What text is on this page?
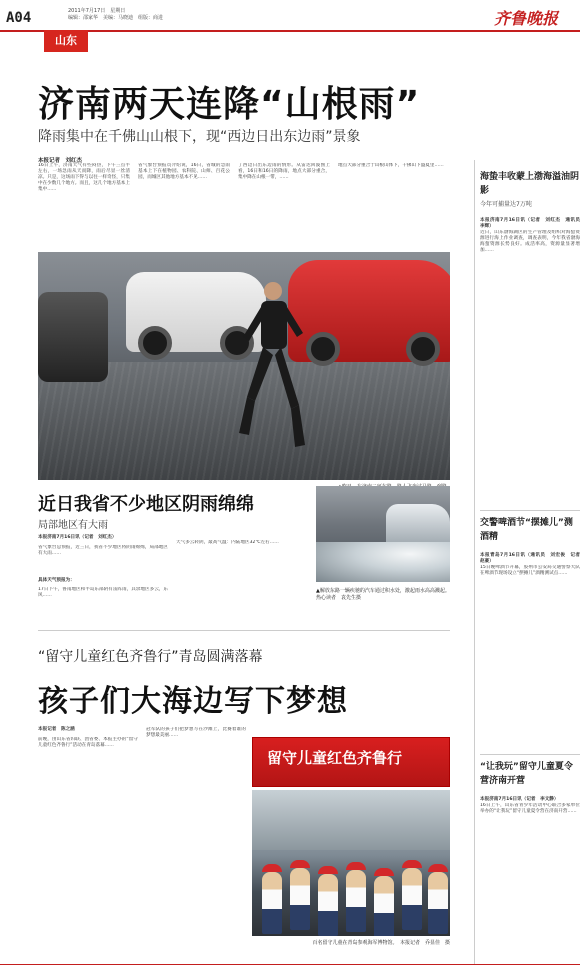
A04	2011年7月17日　星期日
编辑：邵家华　美编：马晓迪　组版：商进	齐鲁晚报
山东
济南两天连降“山根雨”
降雨集中在千佛山山根下，现“西边日出东边雨”景象
本报记者　刘红杰
16日上午，济南天气有些闷热，下午三点半左右，一场急雨从天而降，雨后尽显一丝清凉。只是，这场雨下得与以往一样奇怪，只集中在少数几个地方。而且，这几个地方基本上集中……
省气象台预报员介绍说，16日，省城的急雨基本上下在植物园、农科院、山师、百花公园，而城区其他地方基本不见……
了西边日出东边雨的情形。从雷达回波图上看，16日和16日的降雨，地点大部分重合，集中降在山根一带，……
地点大部分重合于山根山体下，千佛山下盛夏里……
海蛰丰收蒙上渤海溢油阴影
今年可捕量达7万吨
本报济南7月16日讯（记者　刘红杰　通讯员　李辉）
近日，山东渤海湖区的生产管理及组织对海蜇资源进行海上作业调查，调查表明，今年我省渤海海蜇资源长势良好。成活率高，资源量显著增加……
交警啤酒节“摆摊儿”测酒精
本报青岛7月16日讯（通讯员　刘宏俊　记者　赵豪）
15日晚啤酒节开幕，胶州市公安局交通警察大队在啤酒节现场设立“摆摊儿”酒精测试点……
“让我玩”留守儿童夏令营济南开营
本报济南7月16日讯（记者　李文静）
16日上午，山东省青少年活动中心联合多家单位举办的“让我玩”留守儿童夏令营在济南开营……
近日我省不少地区阴雨绵绵
局部地区有大雨
本报济南7月16日讯（记者　刘红杰）
省气象台总预报，近三日，我省不少地区将阴雨绵绵，局部地区有大雨……
具体天气预报为：
17日下午，鲁南地区和半岛东部阴有雷阵雨，其余地区多云，东风……
天气多云转阴，最高气温：内陆地区32℃左右……
▲解放东路一辆疾驰的汽车通过积水处，激起雨水高高溅起。　热心读者　袁先生摄
“留守儿童红色齐鲁行”青岛圆满落幕
孩子们大海边写下梦想
本报记者　陈之涵
前晚，由山东省妇联、团省委、本报主办的“留守儿童红色齐鲁行”活动在青岛落幕……
冠军队的孩子们把梦想写在沙滩上，比赛着谁的梦想最美丽……
留守儿童红色齐鲁行
百名留守儿童在青岛参观海军博物馆。　本报记者　乔显佳　摄
